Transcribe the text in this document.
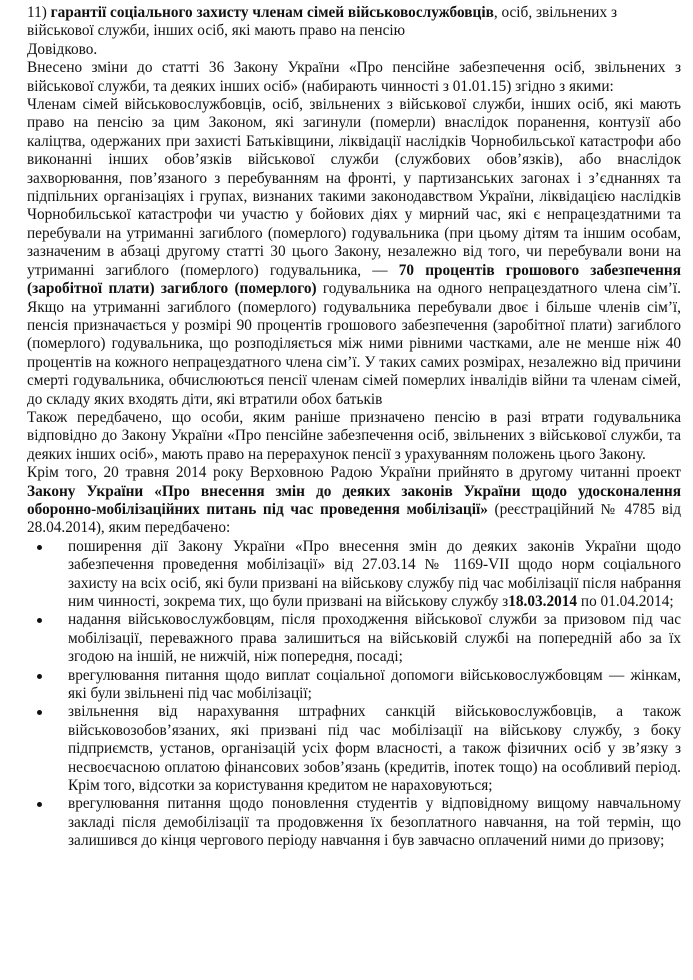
11) гарантії соціального захисту членам сімей військовослужбовців, осіб, звільнених з військової служби, інших осіб, які мають право на пенсію

Довідково.

Внесено зміни до статті 36 Закону України «Про пенсійне забезпечення осіб, звільнених з військової служби, та деяких інших осіб» (набирають чинності з 01.01.15) згідно з якими:

Членам сімей військовослужбовців, осіб, звільнених з військової служби, інших осіб, які мають право на пенсію за цим Законом, які загинули (померли) внаслідок поранення, контузії або каліцтва, одержаних при захисті Батьківщини, ліквідації наслідків Чорнобильської катастрофи або виконанні інших обов’язків військової служби (службових обов’язків), або внаслідок захворювання, пов’язаного з перебуванням на фронті, у партизанських загонах і з’єднаннях та підпільних організаціях і групах, визнаних такими законодавством України, ліквідацією наслідків Чорнобильської катастрофи чи участю у бойових діях у мирний час, які є непрацездатними та перебували на утриманні загиблого (померлого) годувальника (при цьому дітям та іншим особам, зазначеним в абзаці другому статті 30 цього Закону, незалежно від того, чи перебували вони на утриманні загиблого (померлого) годувальника, — 70 процентів грошового забезпечення (заробітної плати) загиблого (померлого) годувальника на одного непрацездатного члена сім’ї. Якщо на утриманні загиблого (померлого) годувальника перебували двоє і більше членів сім’ї, пенсія призначається у розмірі 90 процентів грошового забезпечення (заробітної плати) загиблого (померлого) годувальника, що розподіляється між ними рівними частками, але не менше ніж 40 процентів на кожного непрацездатного члена сім’ї. У таких самих розмірах, незалежно від причини смерті годувальника, обчислюються пенсії членам сімей померлих інвалідів війни та членам сімей, до складу яких входять діти, які втратили обох батьків

Також передбачено, що особи, яким раніше призначено пенсію в разі втрати годувальника відповідно до Закону України «Про пенсійне забезпечення осіб, звільнених з військової служби, та деяких інших осіб», мають право на перерахунок пенсії з урахуванням положень цього Закону.

Крім того, 20 травня 2014 року Верховною Радою України прийнято в другому читанні проект Закону України «Про внесення змін до деяких законів України щодо удосконалення оборонно-мобілізаційних питань під час проведення мобілізації» (реєстраційний № 4785 від 28.04.2014), яким передбачено:

поширення дії Закону України «Про внесення змін до деяких законів України щодо забезпечення проведення мобілізації» від 27.03.14 № 1169-VII щодо норм соціального захисту на всіх осіб, які були призвані на військову службу під час мобілізації після набрання ним чинності, зокрема тих, що були призвані на військову службу з18.03.2014 по 01.04.2014;
надання військовослужбовцям, після проходження військової служби за призовом під час мобілізації, переважного права залишиться на військовій службі на попередній або за їх згодою на іншій, не нижчій, ніж попередня, посаді;
врегулювання питання щодо виплат соціальної допомоги військовослужбовцям — жінкам, які були звільнені під час мобілізації;
звільнення від нарахування штрафних санкцій військовослужбовців, а також військовозобов’язаних, які призвані під час мобілізації на військову службу, з боку підприємств, установ, організацій усіх форм власності, а також фізичних осіб у зв’язку з несвоєчасною оплатою фінансових зобов’язань (кредитів, іпотек тощо) на особливий період. Крім того, відсотки за користування кредитом не нараховуються;
врегулювання питання щодо поновлення студентів у відповідному вищому навчальному закладі після демобілізації та продовження їх безоплатного навчання, на той термін, що залишився до кінця чергового періоду навчання і був завчасно оплачений ними до призову;
